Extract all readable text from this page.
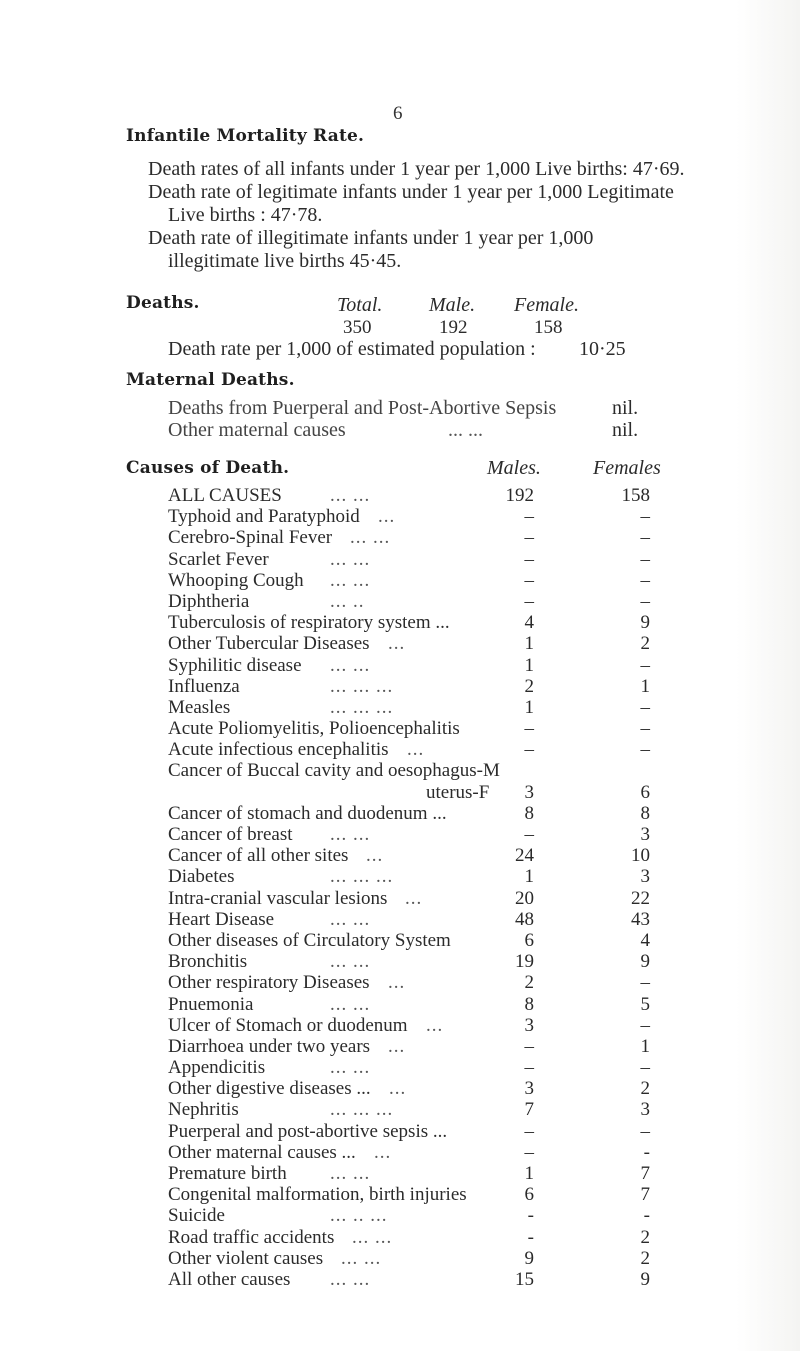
6
Infantile Mortality Rate.
Death rates of all infants under 1 year per 1,000 Live births: 47·69.
Death rate of legitimate infants under 1 year per 1,000 Legitimate
Live births : 47·78.
Death rate of illegitimate infants under 1 year per 1,000
illegitimate live births 45·45.
Deaths.	Total. Male. Female.
350	192	158
Death rate per 1,000 of estimated population : 10·25
Maternal Deaths.
Deaths from Puerperal and Post-Abortive Sepsis	nil.
Other maternal causes	... ...	nil.
Causes of Death.	Males.	Females
ALL CAUSES	... ...	192	158
Typhoid and Paratyphoid ...	–	–
Cerebro-Spinal Fever ... ...	–	–
Scarlet Fever	... ...	–	–
Whooping Cough ... ...	–	–
Diphtheria	... ..	–	–
Tuberculosis of respiratory system ...	4	9
Other Tubercular Diseases ...	1	2
Syphilitic disease ... ...	1	–
Influenza	... ... ...	2	1
Measles	... ... ...	1	–
Acute Poliomyelitis, Polioencephalitis	–	–
Acute infectious encephalitis ...	–	–
Cancer of Buccal cavity and oesophagus-M
uterus-F	3	6
Cancer of stomach and duodenum ...	8	8
Cancer of breast ... ...	–	3
Cancer of all other sites ...	24	10
Diabetes	... ... ...	1	3
Intra-cranial vascular lesions ...	20	22
Heart Disease	... ...	48	43
Other diseases of Circulatory System	6	4
Bronchitis	... ...	19	9
Other respiratory Diseases ...	2	–
Pnuemonia	... ...	8	5
Ulcer of Stomach or duodenum ...	3	–
Diarrhoea under two years ...	–	1
Appendicitis	... ...	–	–
Other digestive diseases ... ...	3	2
Nephritis	... ... ...	7	3
Puerperal and post-abortive sepsis ...	–	–
Other maternal causes ... ...	–	-
Premature birth ... ...	1	7
Congenital malformation, birth injuries	6	7
Suicide	... .. ...	-	-
Road traffic accidents ... ...	-	2
Other violent causes ... ...	9	2
All other causes ... ...	15	9
